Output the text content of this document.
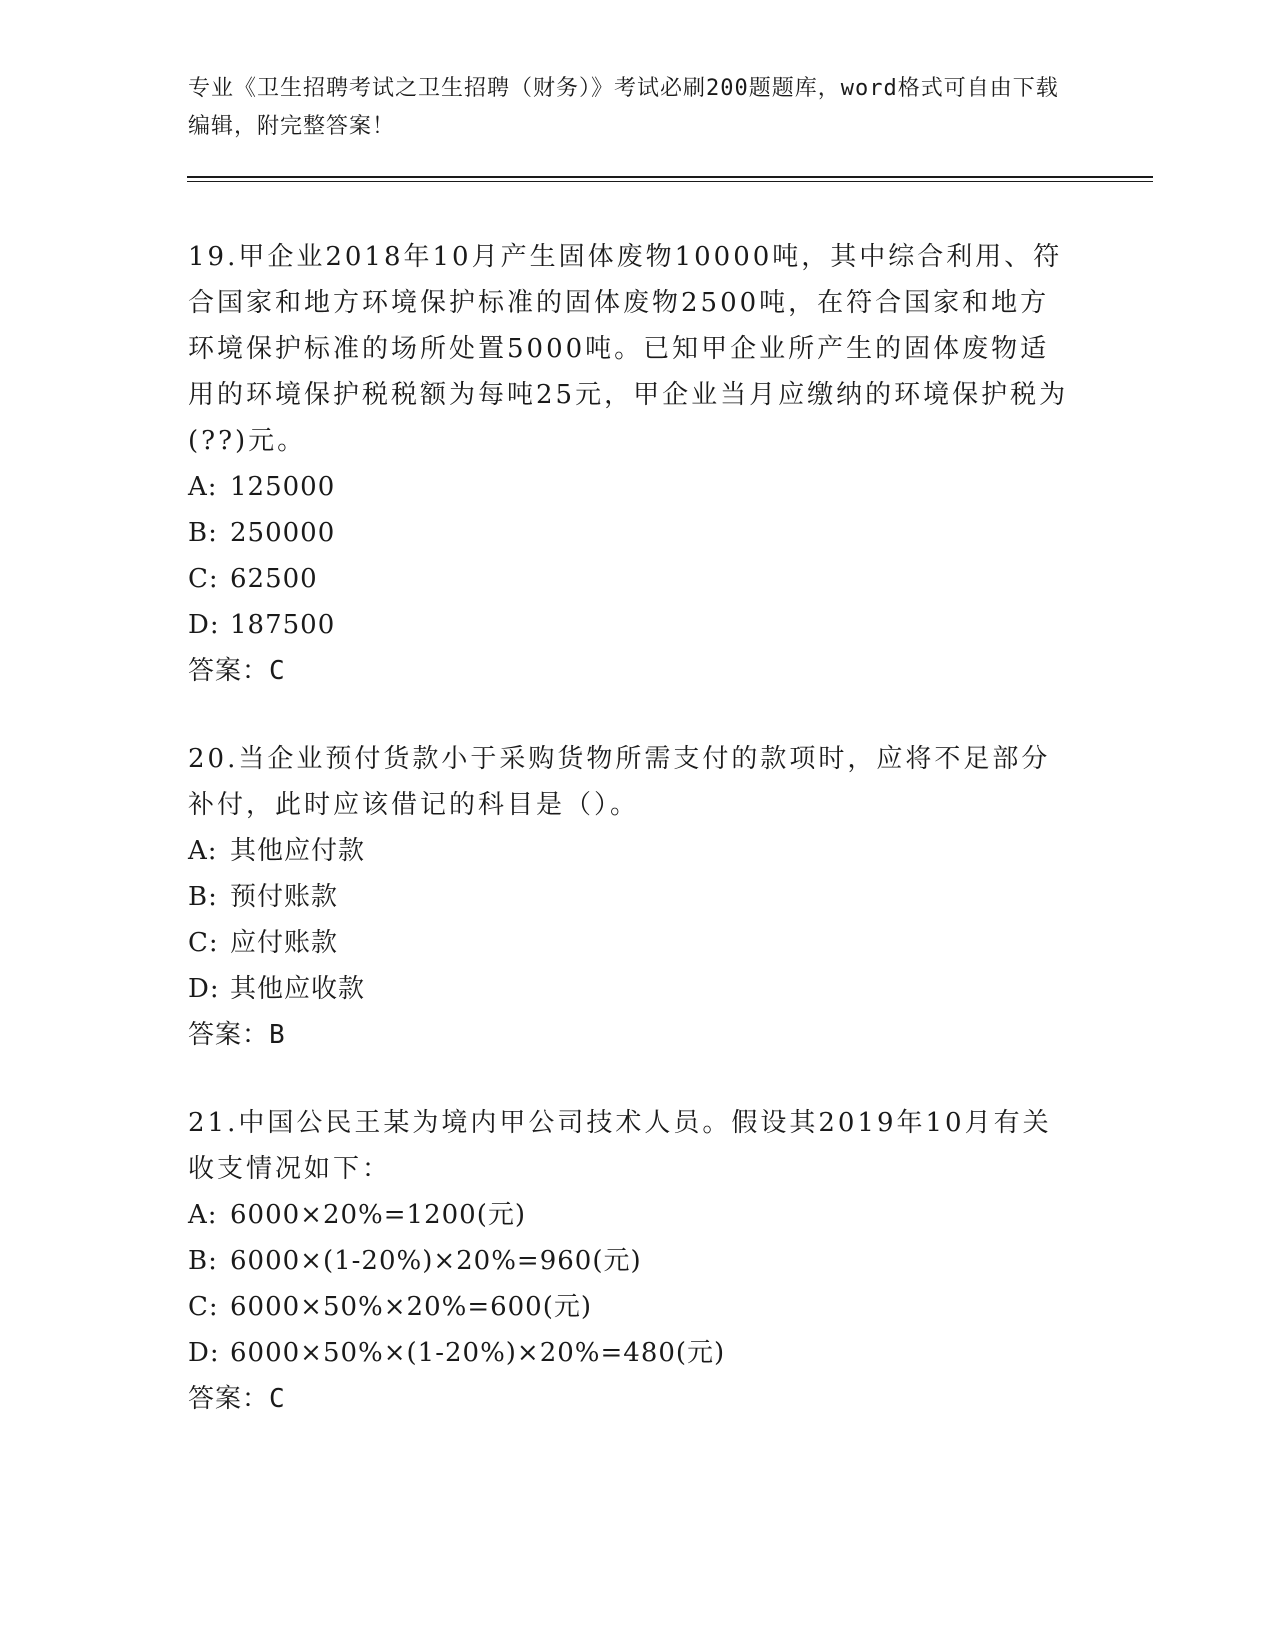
专业《卫生招聘考试之卫生招聘（财务）》考试必刷200题题库，word格式可自由下载编辑，附完整答案！

19.甲企业2018年10月产生固体废物10000吨，其中综合利用、符合国家和地方环境保护标准的固体废物2500吨，在符合国家和地方环境保护标准的场所处置5000吨。已知甲企业所产生的固体废物适用的环境保护税税额为每吨25元，甲企业当月应缴纳的环境保护税为(??)元。

A: 125000

B: 250000

C: 62500

D: 187500

答案：C

20.当企业预付货款小于采购货物所需支付的款项时，应将不足部分补付，此时应该借记的科目是（）。

A: 其他应付款

B: 预付账款

C: 应付账款

D: 其他应收款

答案：B

21.中国公民王某为境内甲公司技术人员。假设其2019年10月有关收支情况如下：

A: 6000×20%=1200(元)

B: 6000×(1-20%)×20%=960(元)

C: 6000×50%×20%=600(元)

D: 6000×50%×(1-20%)×20%=480(元)

答案：C
